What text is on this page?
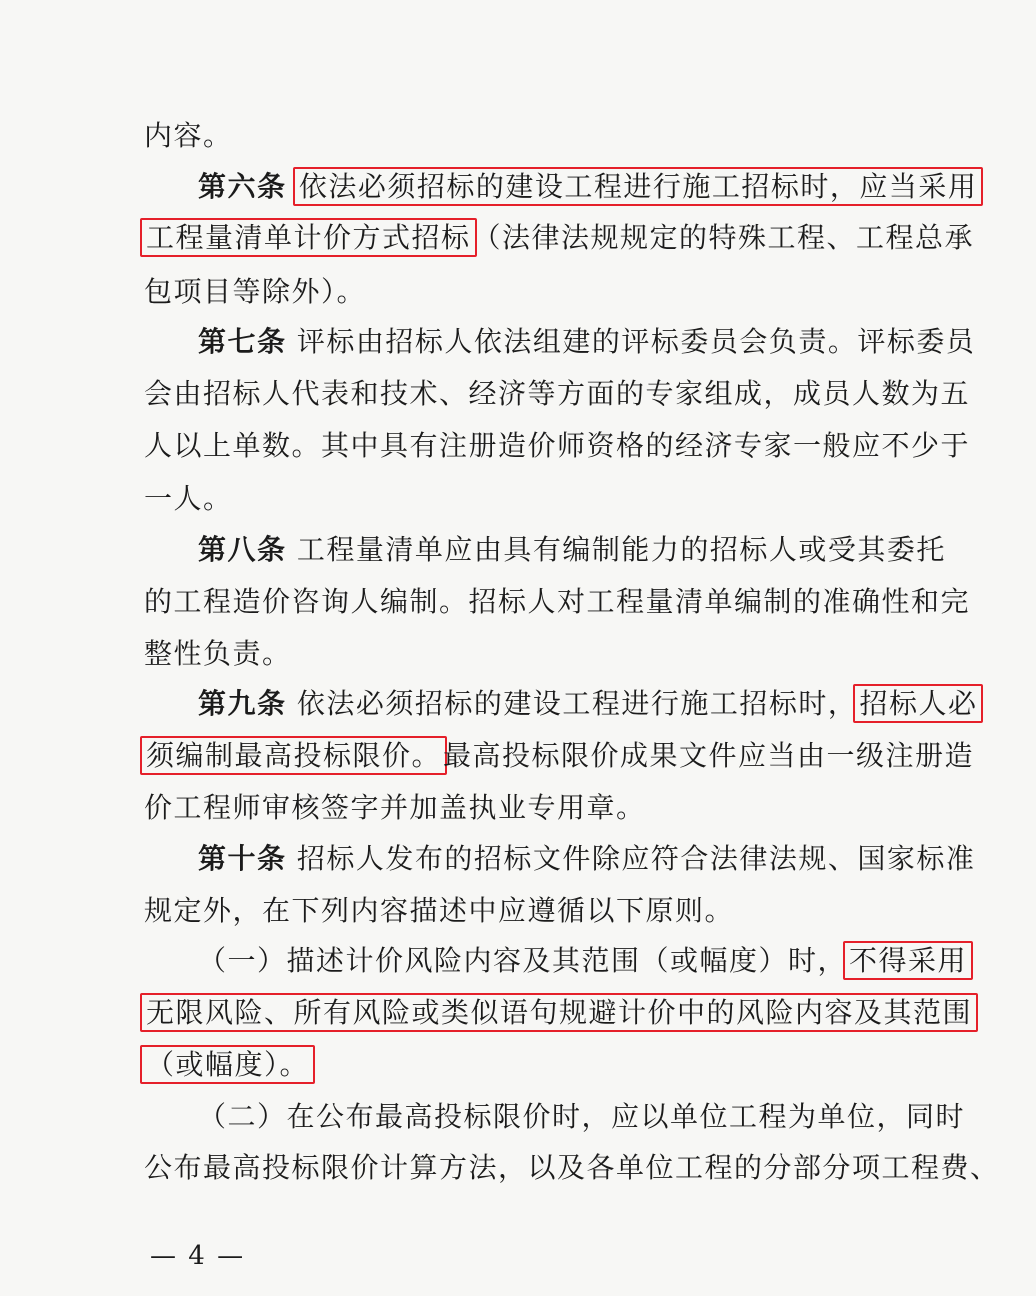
内容。
第六条 依法必须招标的建设工程进行施工招标时，应当采用
工程量清单计价方式招标（法律法规规定的特殊工程、工程总承
包项目等除外）。
第七条 评标由招标人依法组建的评标委员会负责。评标委员
会由招标人代表和技术、经济等方面的专家组成，成员人数为五
人以上单数。其中具有注册造价师资格的经济专家一般应不少于
一人。
第八条 工程量清单应由具有编制能力的招标人或受其委托
的工程造价咨询人编制。招标人对工程量清单编制的准确性和完
整性负责。
第九条 依法必须招标的建设工程进行施工招标时，招标人必
须编制最高投标限价。最高投标限价成果文件应当由一级注册造
价工程师审核签字并加盖执业专用章。
第十条 招标人发布的招标文件除应符合法律法规、国家标准
规定外，在下列内容描述中应遵循以下原则。
（一）描述计价风险内容及其范围（或幅度）时，不得采用
无限风险、所有风险或类似语句规避计价中的风险内容及其范围
（或幅度）。
（二）在公布最高投标限价时，应以单位工程为单位，同时
公布最高投标限价计算方法，以及各单位工程的分部分项工程费、
— 4 —
